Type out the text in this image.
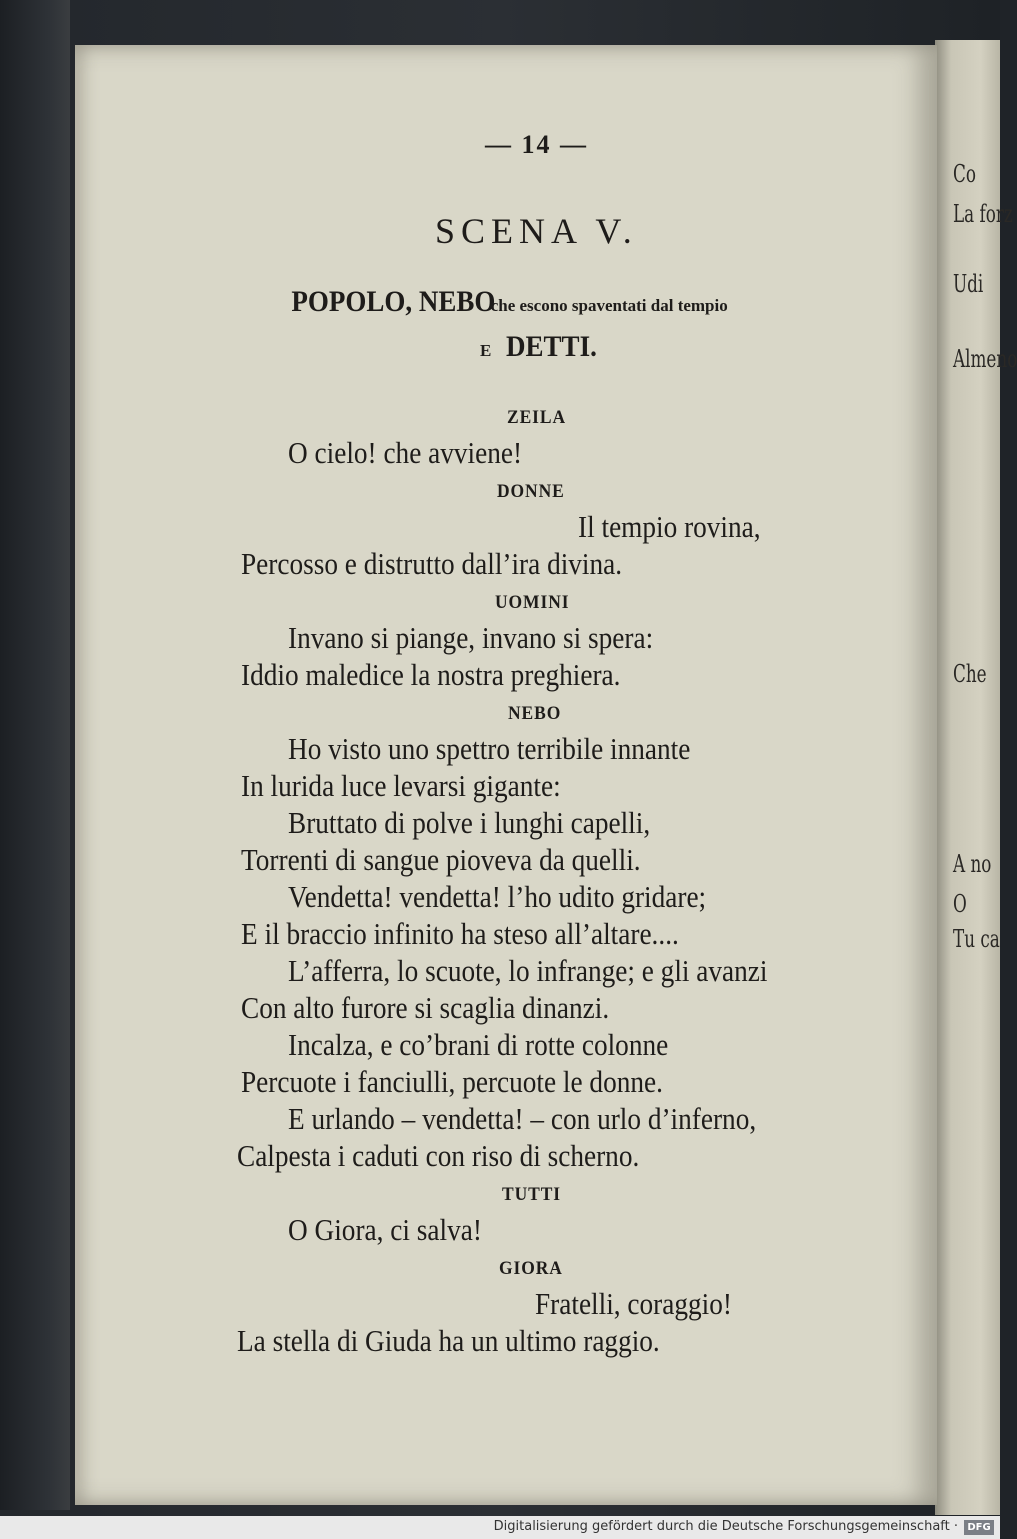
Co
La forz
Udi
Almeno
Che
A no
O
Tu ca
— 14 —
SCENA V.
POPOLO, NEBO che escono spaventati dal tempio
E DETTI.
ZEILA
O cielo! che avviene!
DONNE
Il tempio rovina,
Percosso e distrutto dall’ira divina.
UOMINI
Invano si piange, invano si spera:
Iddio maledice la nostra preghiera.
NEBO
Ho visto uno spettro terribile innante
In lurida luce levarsi gigante:
Bruttato di polve i lunghi capelli,
Torrenti di sangue pioveva da quelli.
Vendetta! vendetta! l’ho udito gridare;
E il braccio infinito ha steso all’altare....
L’afferra, lo scuote, lo infrange; e gli avanzi
Con alto furore si scaglia dinanzi.
Incalza, e co’brani di rotte colonne
Percuote i fanciulli, percuote le donne.
E urlando – vendetta! – con urlo d’inferno,
Calpesta i caduti con riso di scherno.
TUTTI
O Giora, ci salva!
GIORA
Fratelli, coraggio!
La stella di Giuda ha un ultimo raggio.
Digitalisierung gefördert durch die Deutsche Forschungsgemeinschaft · DFG
